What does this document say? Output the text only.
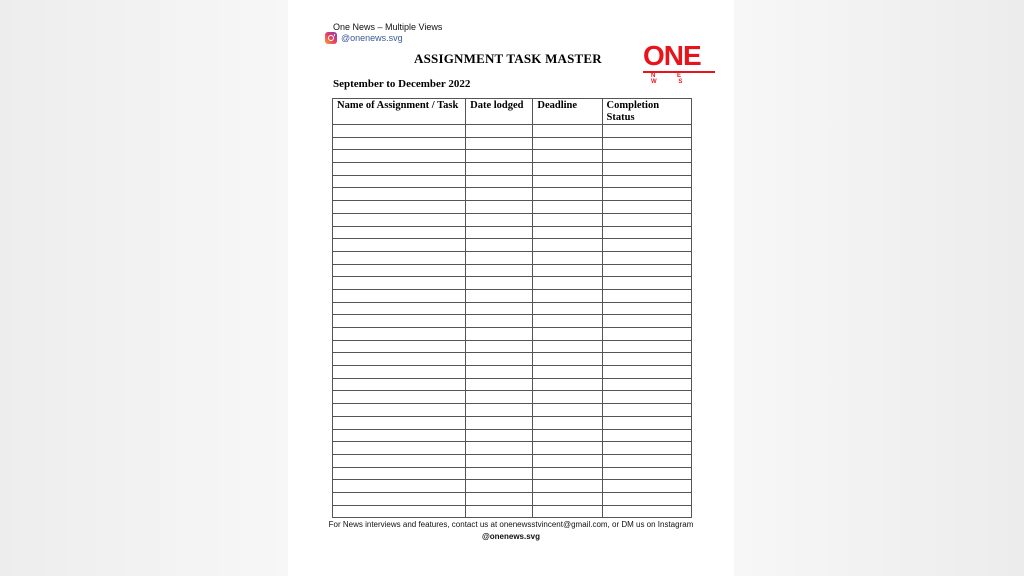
One News – Multiple Views
@onenews.svg
ASSIGNMENT TASK MASTER ONE
N E W S
September to December 2022
Name of Assignment / Task	Date lodged	Deadline	Completion Status

For News interviews and features, contact us at onenewsstvincent@gmail.com, or DM us on Instagram @onenews.svg
